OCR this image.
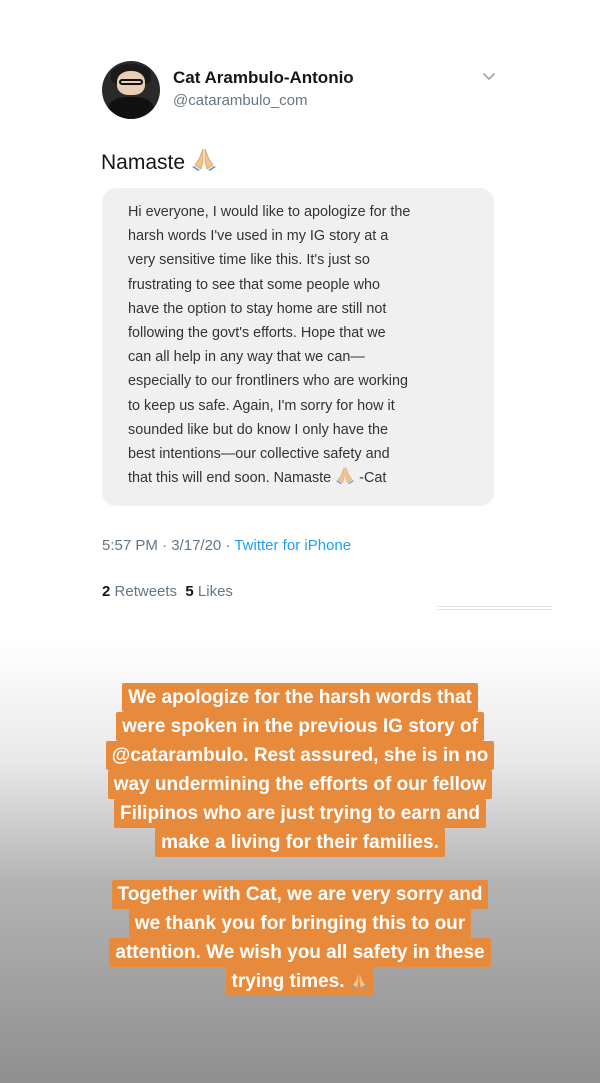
Cat Arambulo-Antonio
@catarambulo_com
Namaste

Hi everyone, I would like to apologize for the
harsh words I've used in my IG story at a
very sensitive time like this. It's just so
frustrating to see that some people who
have the option to stay home are still not
following the govt's efforts. Hope that we
can all help in any way that we can—
especially to our frontliners who are working
to keep us safe. Again, I'm sorry for how it
sounded like but do know I only have the
best intentions—our collective safety and
that this will end soon. Namaste -Cat

5:57 PM · 3/17/20 · Twitter for iPhone
2 Retweets 5 Likes
We apologize for the harsh words that
were spoken in the previous IG story of
@catarambulo. Rest assured, she is in no
way undermining the efforts of our fellow
Filipinos who are just trying to earn and
make a living for their families.
Together with Cat, we are very sorry and
we thank you for bringing this to our
attention. We wish you all safety in these
trying times.
